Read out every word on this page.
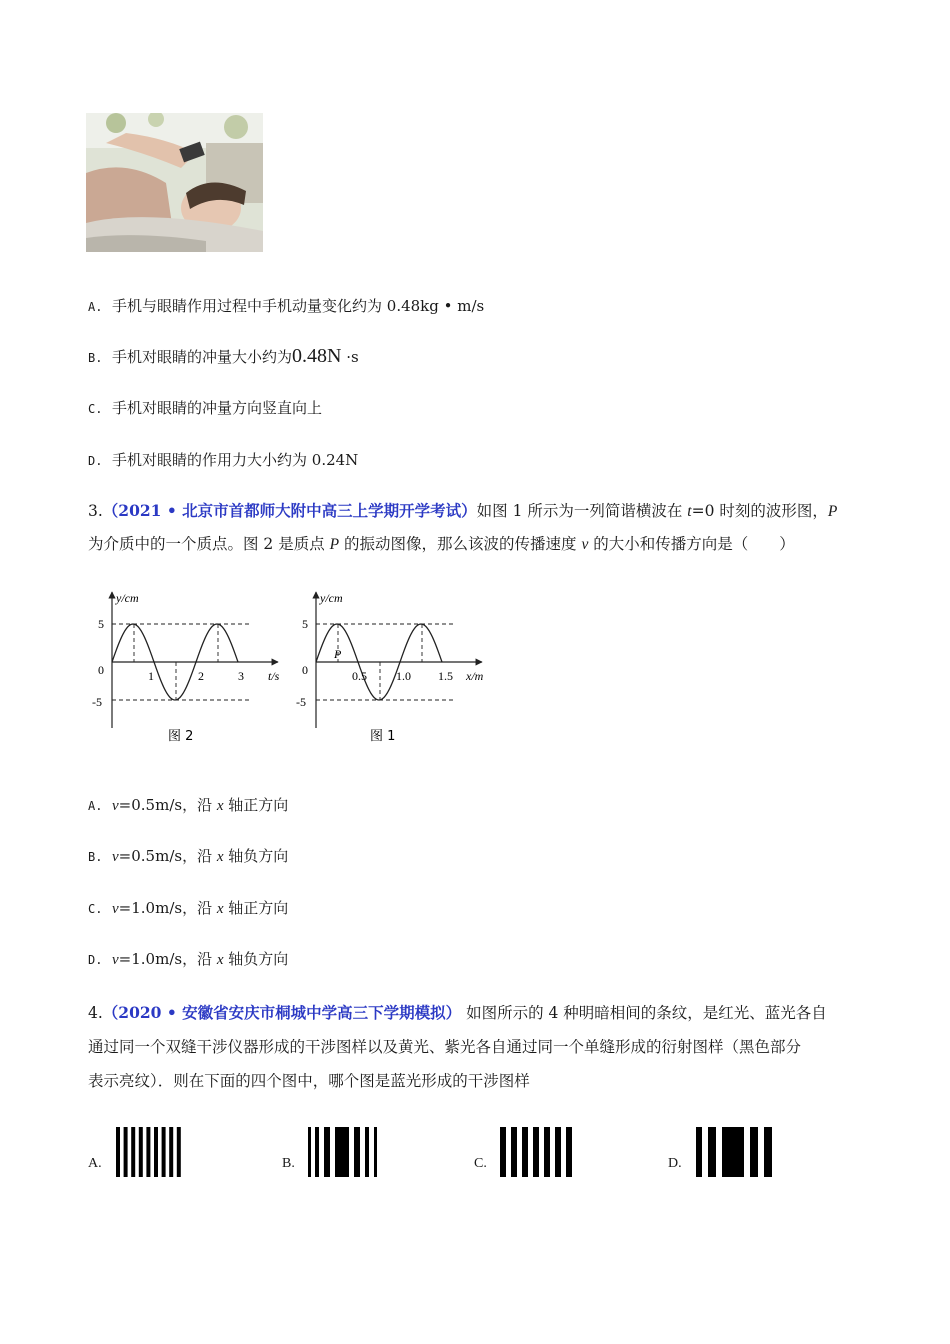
A. 手机与眼睛作用过程中手机动量变化约为 0.48kg • m/s
B. 手机对眼睛的冲量大小约为0.48N ·s
C. 手机对眼睛的冲量方向竖直向上
D. 手机对眼睛的作用力大小约为 0.24N
3.（2021 • 北京市首都师大附中高三上学期开学考试）如图 1 所示为一列简谐横波在 t=0 时刻的波形图，P
为介质中的一个质点。图 2 是质点 P 的振动图像，那么该波的传播速度 v 的大小和传播方向是（　　）
y/cm
5
0
-5
1	2	3 t/s
图 2
y/cm
5
0
-5
P
0.5 1.0 1.5 x/m
图 1
A. v=0.5m/s，沿 x 轴正方向
B. v=0.5m/s，沿 x 轴负方向
C. v=1.0m/s，沿 x 轴正方向
D. v=1.0m/s，沿 x 轴负方向
4.（2020 • 安徽省安庆市桐城中学高三下学期模拟） 如图所示的 4 种明暗相间的条纹，是红光、蓝光各自
通过同一个双缝干涉仪器形成的干涉图样以及黄光、紫光各自通过同一个单缝形成的衍射图样（黑色部分
表示亮纹）．则在下面的四个图中，哪个图是蓝光形成的干涉图样
A.	B.	C.	D.
